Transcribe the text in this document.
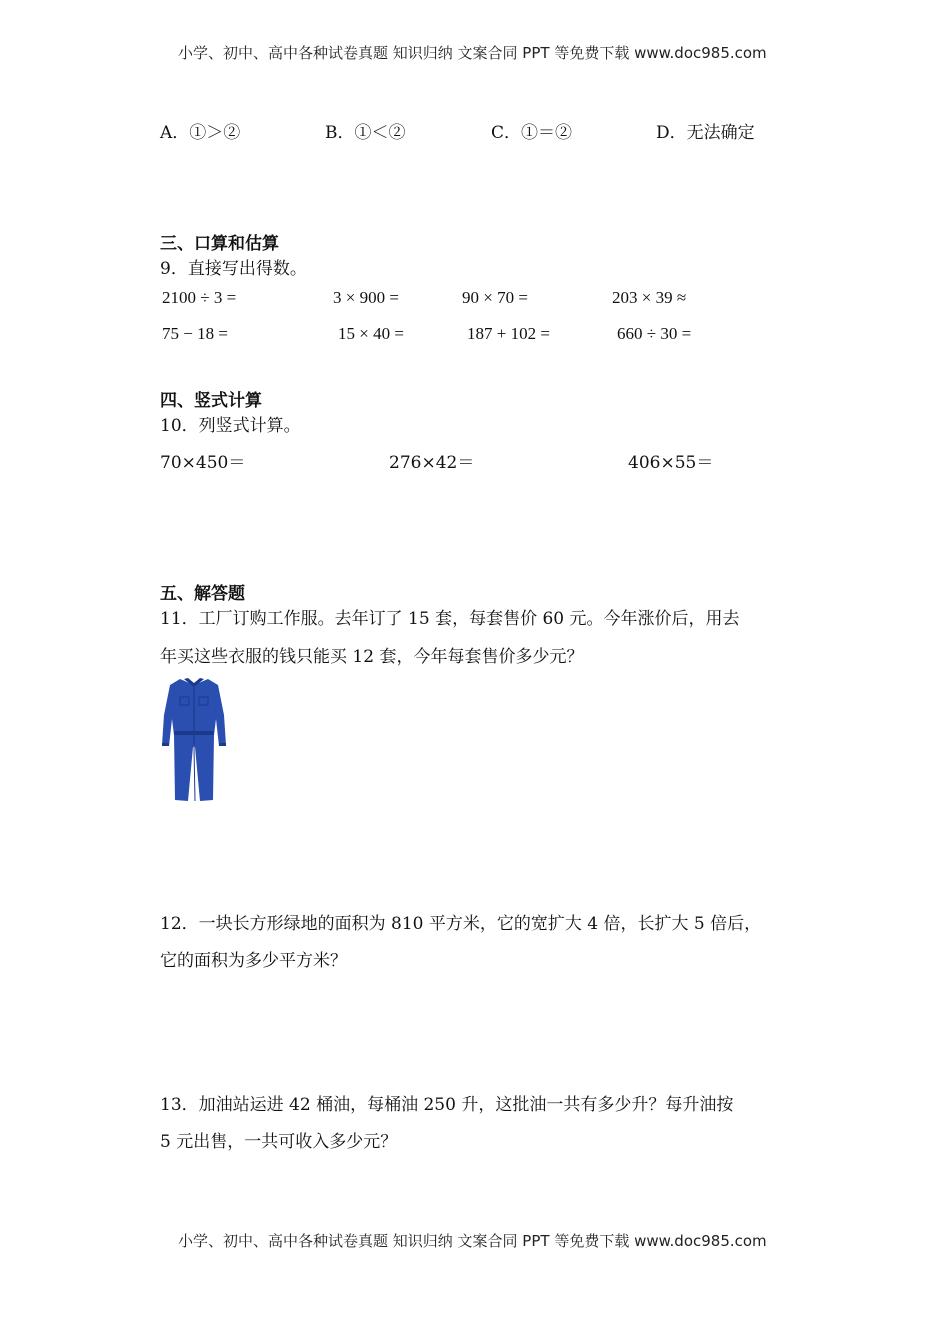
小学、初中、高中各种试卷真题 知识归纳 文案合同 PPT 等免费下载 www.doc985.com
A．①＞②	B．①＜②	C．①＝②	D．无法确定
三、口算和估算
9．直接写出得数。
2100 ÷ 3 =	3 × 900 =	90 × 70 =	203 × 39 ≈
75 − 18 =	15 × 40 =	187 + 102 =	660 ÷ 30 =
四、竖式计算
10．列竖式计算。
70×450＝	276×42＝	406×55＝
五、解答题
11．工厂订购工作服。去年订了 15 套，每套售价 60 元。今年涨价后，用去
年买这些衣服的钱只能买 12 套，今年每套售价多少元？
12．一块长方形绿地的面积为 810 平方米，它的宽扩大 4 倍，长扩大 5 倍后，
它的面积为多少平方米？
13．加油站运进 42 桶油，每桶油 250 升，这批油一共有多少升？每升油按
5 元出售，一共可收入多少元？
小学、初中、高中各种试卷真题 知识归纳 文案合同 PPT 等免费下载 www.doc985.com
